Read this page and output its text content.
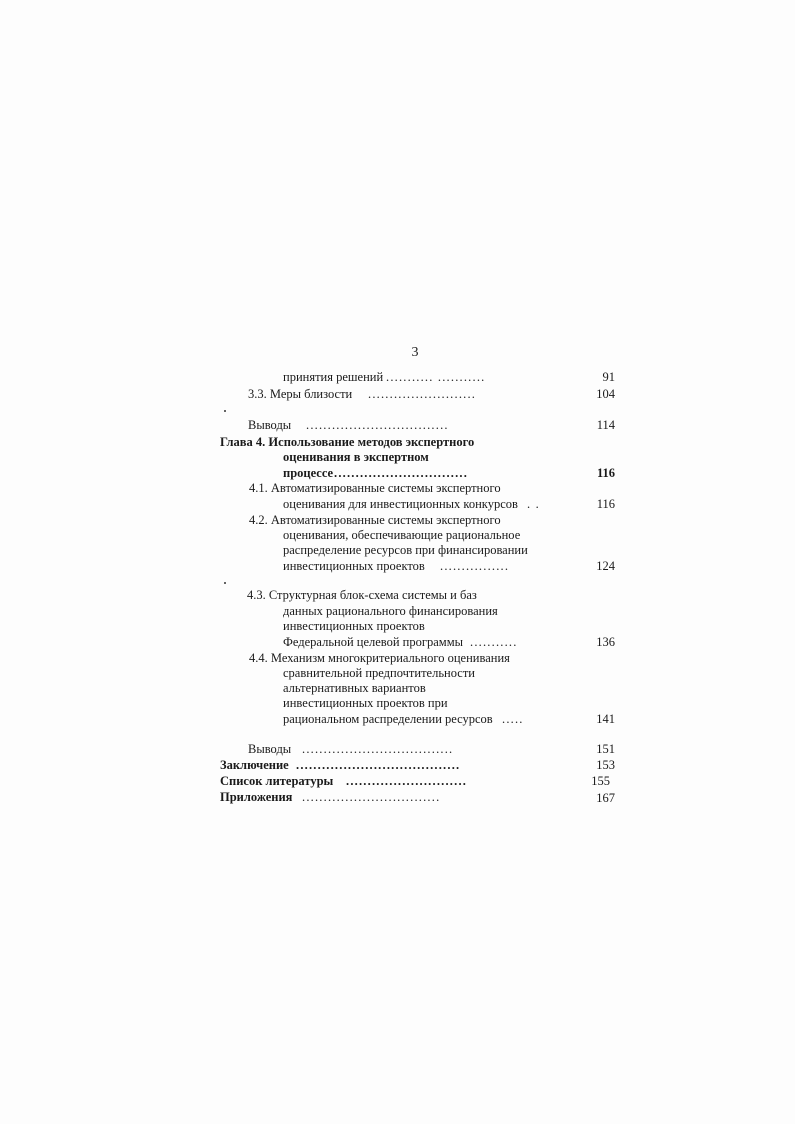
3
принятия решений ........... ...........	91
3.3. Меры близости .........................	104
Выводы .................................	114
Глава 4. Использование методов экспертного
оценивания в экспертном
процессе ...............................	116
4.1. Автоматизированные системы экспертного
оценивания для инвестиционных конкурсов . .	116
4.2. Автоматизированные системы экспертного
оценивания, обеспечивающие рациональное
распределение ресурсов при финансировании
инвестиционных проектов ................	124
4.3. Структурная блок-схема системы и баз
данных рационального финансирования
инвестиционных проектов
Федеральной целевой программы ...........	136
4.4. Механизм многокритериального оценивания
сравнительной предпочтительности
альтернативных вариантов
инвестиционных проектов при
рациональном распределении ресурсов .....	141
Выводы ...................................	151
Заключение ......................................	153
Список литературы ............................	155
Приложения ................................	167
